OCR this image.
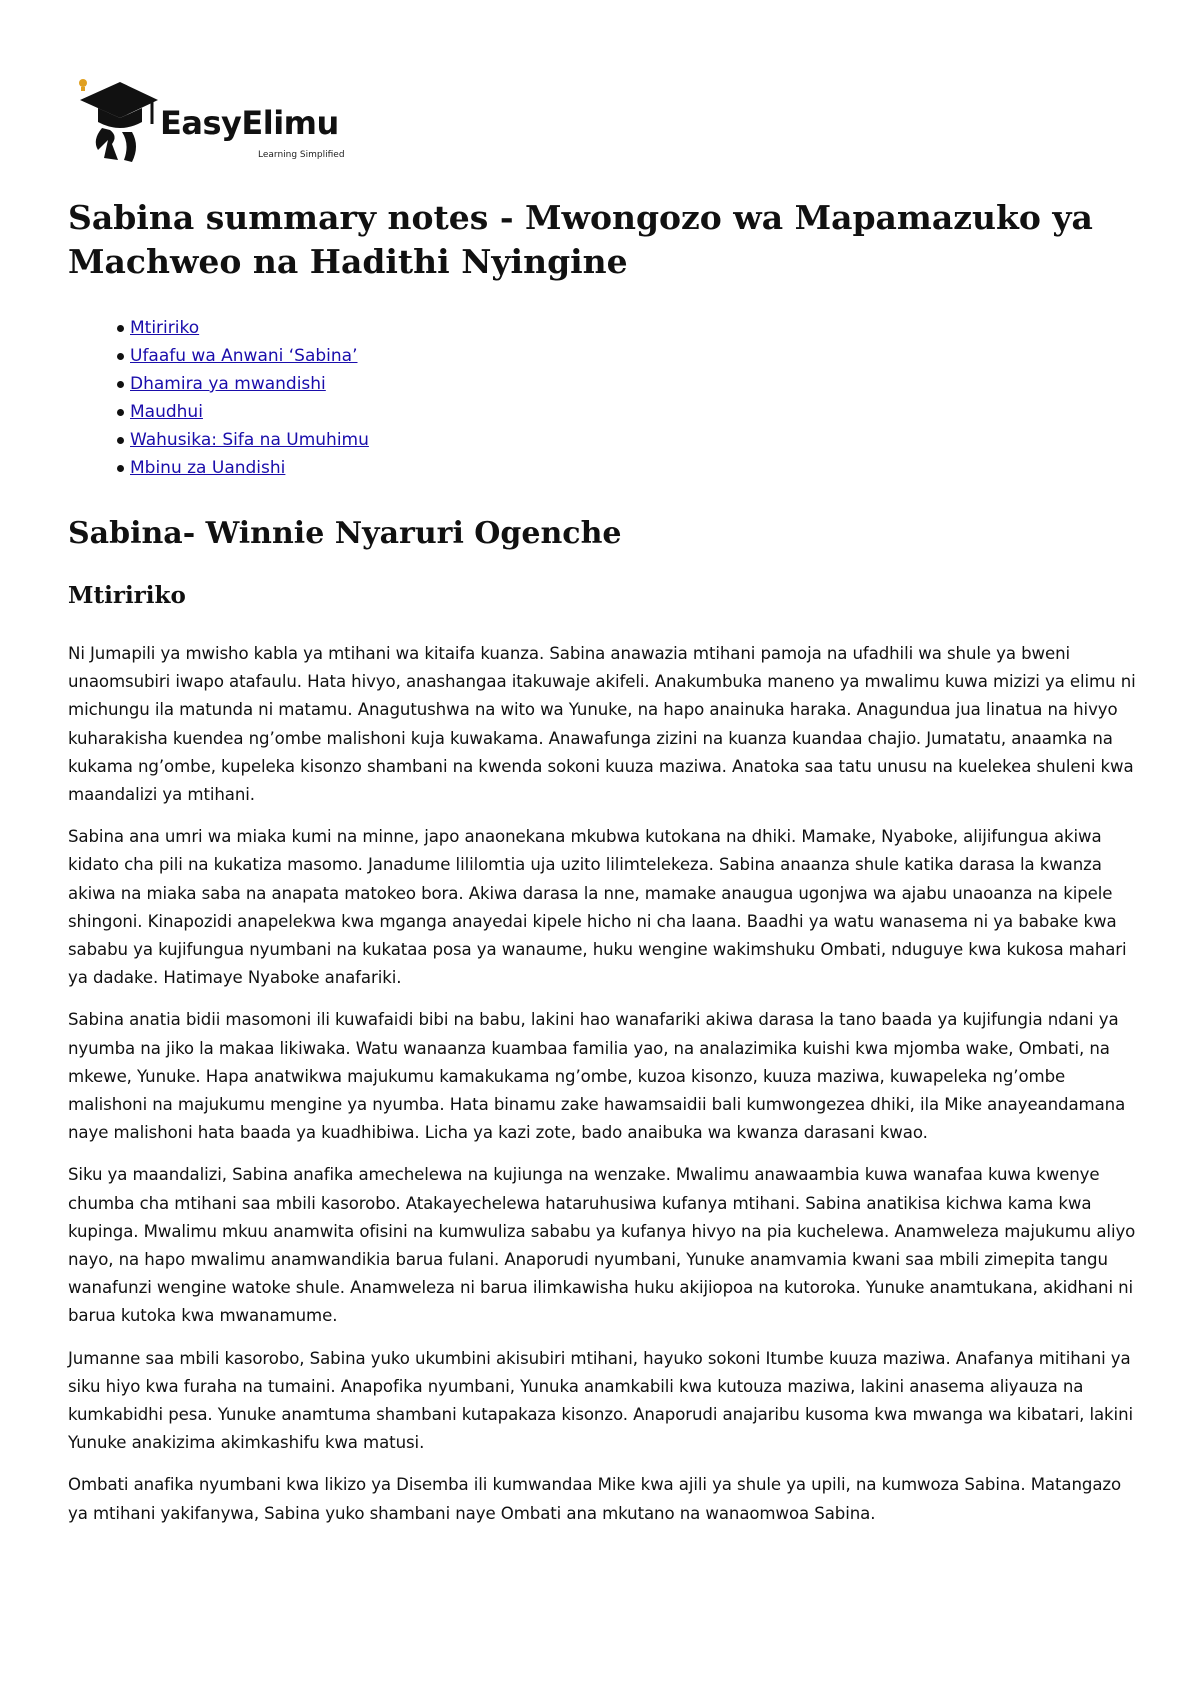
EasyElimu
Learning Simplified
Sabina summary notes - Mwongozo wa Mapamazuko ya Machweo na Hadithi Nyingine
Mtiririko
Ufaafu wa Anwani ‘Sabina’
Dhamira ya mwandishi
Maudhui
Wahusika: Sifa na Umuhimu
Mbinu za Uandishi
Sabina- Winnie Nyaruri Ogenche
Mtiririko

Ni Jumapili ya mwisho kabla ya mtihani wa kitaifa kuanza. Sabina anawazia mtihani pamoja na ufadhili wa shule ya bweni unaomsubiri iwapo atafaulu. Hata hivyo, anashangaa itakuwaje akifeli. Anakumbuka maneno ya mwalimu kuwa mizizi ya elimu ni michungu ila matunda ni matamu. Anagutushwa na wito wa Yunuke, na hapo anainuka haraka. Anagundua jua linatua na hivyo kuharakisha kuendea ng’ombe malishoni kuja kuwakama. Anawafunga zizini na kuanza kuandaa chajio. Jumatatu, anaamka na kukama ng’ombe, kupeleka kisonzo shambani na kwenda sokoni kuuza maziwa. Anatoka saa tatu unusu na kuelekea shuleni kwa maandalizi ya mtihani.

Sabina ana umri wa miaka kumi na minne, japo anaonekana mkubwa kutokana na dhiki. Mamake, Nyaboke, alijifungua akiwa kidato cha pili na kukatiza masomo. Janadume lililomtia uja uzito lilimtelekeza. Sabina anaanza shule katika darasa la kwanza akiwa na miaka saba na anapata matokeo bora. Akiwa darasa la nne, mamake anaugua ugonjwa wa ajabu unaoanza na kipele shingoni. Kinapozidi anapelekwa kwa mganga anayedai kipele hicho ni cha laana. Baadhi ya watu wanasema ni ya babake kwa sababu ya kujifungua nyumbani na kukataa posa ya wanaume, huku wengine wakimshuku Ombati, nduguye kwa kukosa mahari ya dadake. Hatimaye Nyaboke anafariki.

Sabina anatia bidii masomoni ili kuwafaidi bibi na babu, lakini hao wanafariki akiwa darasa la tano baada ya kujifungia ndani ya nyumba na jiko la makaa likiwaka. Watu wanaanza kuambaa familia yao, na analazimika kuishi kwa mjomba wake, Ombati, na mkewe, Yunuke. Hapa anatwikwa majukumu kamakukama ng’ombe, kuzoa kisonzo, kuuza maziwa, kuwapeleka ng’ombe malishoni na majukumu mengine ya nyumba. Hata binamu zake hawamsaidii bali kumwongezea dhiki, ila Mike anayeandamana naye malishoni hata baada ya kuadhibiwa. Licha ya kazi zote, bado anaibuka wa kwanza darasani kwao.

Siku ya maandalizi, Sabina anafika amechelewa na kujiunga na wenzake. Mwalimu anawaambia kuwa wanafaa kuwa kwenye chumba cha mtihani saa mbili kasorobo. Atakayechelewa hataruhusiwa kufanya mtihani. Sabina anatikisa kichwa kama kwa kupinga. Mwalimu mkuu anamwita ofisini na kumwuliza sababu ya kufanya hivyo na pia kuchelewa. Anamweleza majukumu aliyo nayo, na hapo mwalimu anamwandikia barua fulani. Anaporudi nyumbani, Yunuke anamvamia kwani saa mbili zimepita tangu wanafunzi wengine watoke shule. Anamweleza ni barua ilimkawisha huku akijiopoa na kutoroka. Yunuke anamtukana, akidhani ni barua kutoka kwa mwanamume.

Jumanne saa mbili kasorobo, Sabina yuko ukumbini akisubiri mtihani, hayuko sokoni Itumbe kuuza maziwa. Anafanya mitihani ya siku hiyo kwa furaha na tumaini. Anapofika nyumbani, Yunuka anamkabili kwa kutouza maziwa, lakini anasema aliyauza na kumkabidhi pesa. Yunuke anamtuma shambani kutapakaza kisonzo. Anaporudi anajaribu kusoma kwa mwanga wa kibatari, lakini Yunuke anakizima akimkashifu kwa matusi.

Ombati anafika nyumbani kwa likizo ya Disemba ili kumwandaa Mike kwa ajili ya shule ya upili, na kumwoza Sabina. Matangazo ya mtihani yakifanywa, Sabina yuko shambani naye Ombati ana mkutano na wanaomwoa Sabina.
